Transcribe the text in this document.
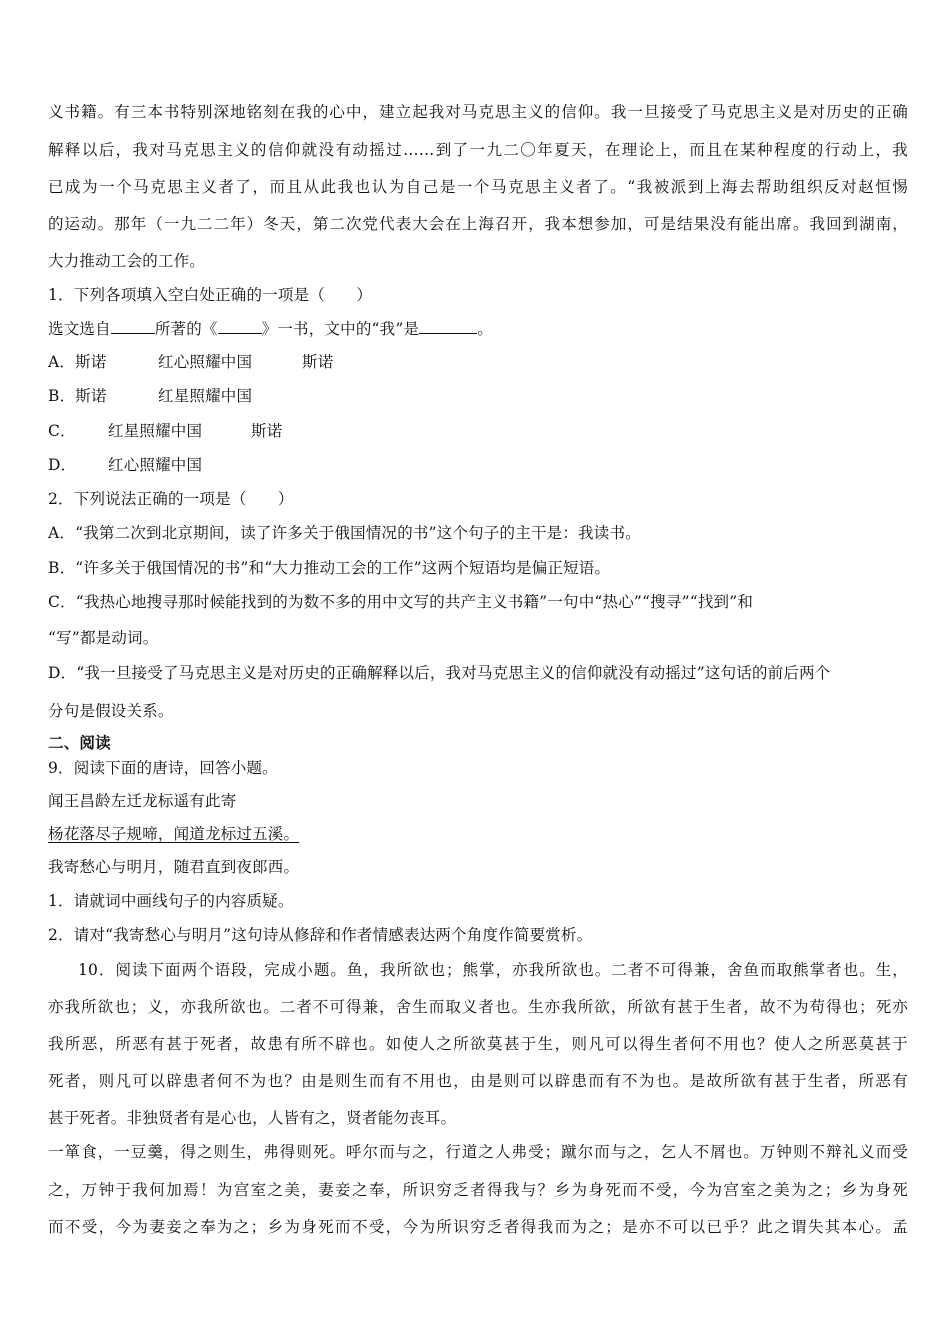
义书籍。有三本书特别深地铭刻在我的心中，建立起我对马克思主义的信仰。我一旦接受了马克思主义是对历史的正确
解释以后，我对马克思主义的信仰就没有动摇过……到了一九二〇年夏天，在理论上，而且在某种程度的行动上，我
已成为一个马克思主义者了，而且从此我也认为自己是一个马克思主义者了。“我被派到上海去帮助组织反对赵恒惕
的运动。那年（一九二二年）冬天，第二次党代表大会在上海召开，我本想参加，可是结果没有能出席。我回到湖南，
大力推动工会的工作。
1．下列各项填入空白处正确的一项是（　　）
选文选自	所著的《	》一书，文中的“我”是	。
A．斯诺	红心照耀中国	斯诺
B．斯诺	红星照耀中国
C． 红星照耀中国	斯诺
D． 红心照耀中国
2．下列说法正确的一项是（　　）
A．“我第二次到北京期间，读了许多关于俄国情况的书”这个句子的主干是：我读书。
B．“许多关于俄国情况的书”和“大力推动工会的工作”这两个短语均是偏正短语。
C．“我热心地搜寻那时候能找到的为数不多的用中文写的共产主义书籍”一句中“热心”“搜寻”“找到”和
“写”都是动词。
D．“我一旦接受了马克思主义是对历史的正确解释以后，我对马克思主义的信仰就没有动摇过”这句话的前后两个
分句是假设关系。
二、阅读
9．阅读下面的唐诗，回答小题。
闻王昌龄左迁龙标遥有此寄
杨花落尽子规啼，闻道龙标过五溪。
我寄愁心与明月，随君直到夜郎西。
1．请就词中画线句子的内容质疑。
2．请对“我寄愁心与明月”这句诗从修辞和作者情感表达两个角度作简要赏析。
10．阅读下面两个语段，完成小题。鱼，我所欲也；熊掌，亦我所欲也。二者不可得兼，舍鱼而取熊掌者也。生，
亦我所欲也；义，亦我所欲也。二者不可得兼，舍生而取义者也。生亦我所欲，所欲有甚于生者，故不为苟得也；死亦
我所恶，所恶有甚于死者，故患有所不辟也。如使人之所欲莫甚于生，则凡可以得生者何不用也？使人之所恶莫甚于
死者，则凡可以辟患者何不为也？由是则生而有不用也，由是则可以辟患而有不为也。是故所欲有甚于生者，所恶有
甚于死者。非独贤者有是心也，人皆有之，贤者能勿丧耳。
一箪食，一豆羹，得之则生，弗得则死。呼尔而与之，行道之人弗受；蹴尔而与之，乞人不屑也。万钟则不辩礼义而受
之，万钟于我何加焉！为宫室之美，妻妾之奉，所识穷乏者得我与？乡为身死而不受，今为宫室之美为之；乡为身死
而不受，今为妻妾之奉为之；乡为身死而不受，今为所识穷乏者得我而为之；是亦不可以已乎？此之谓失其本心。孟
